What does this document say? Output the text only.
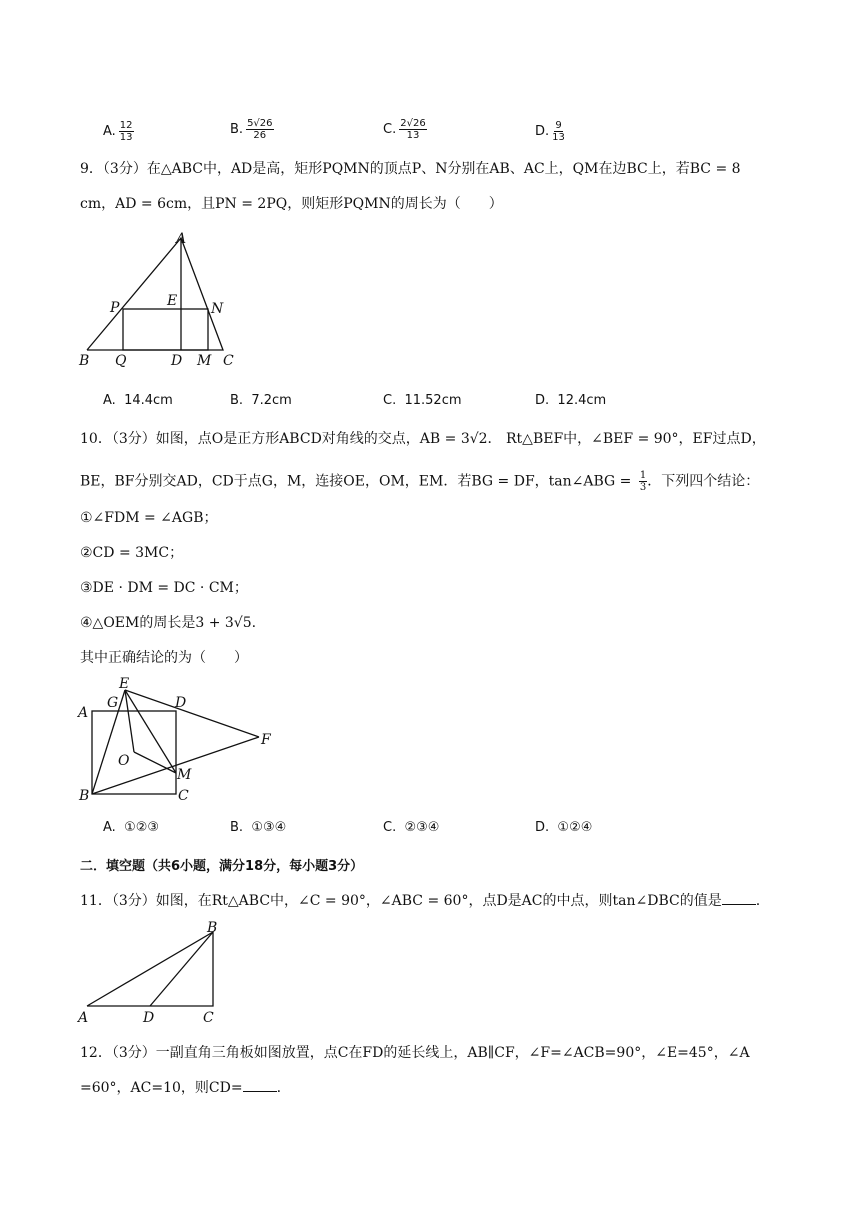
A. $\frac{12}{13}$	B. $\frac{5√26}{26}$	C. $\frac{2√26}{13}$	D. $\frac{9}{13}$
9．（3分）在△ABC中，AD是高，矩形PQMN的顶点P、N分别在AB、AC上，QM在边BC上，若BC = 8
cm，AD = 6cm，且PN = 2PQ，则矩形PQMN的周长为（　　）
A
P	E N
B Q	D M C
A. 14.4cm	B. 7.2cm	C. 11.52cm	D. 12.4cm
10．（3分）如图，点O是正方形ABCD对角线的交点，AB = 3√2． Rt△BEF中，∠BEF = 90°，EF过点D，
BE，BF分别交AD，CD于点G，M，连接OE，OM，EM．若BG = DF，tan∠ABG = $\frac{1}{3}$ ．下列四个结论：
①∠FDM = ∠AGB；
②CD = 3MC；
③DE · DM = DC · CM；
④△OEM的周长是3 + 3√5.
其中正确结论的为（　　）
E
G	D
A
F
O
M
B	C
A. ①②③	B. ①③④	C. ②③④	D. ①②④
二．填空题（共6小题，满分18分，每小题3分）
11．（3分）如图，在Rt△ABC中，∠C = 90°，∠ABC = 60°，点D是AC的中点，则tan∠DBC的值是 .
B
A	D	C
12．（3分）一副直角三角板如图放置，点C在FD的延长线上，AB∥CF，∠F=∠ACB=90°，∠E=45°，∠A
=60°，AC=10，则CD= .
